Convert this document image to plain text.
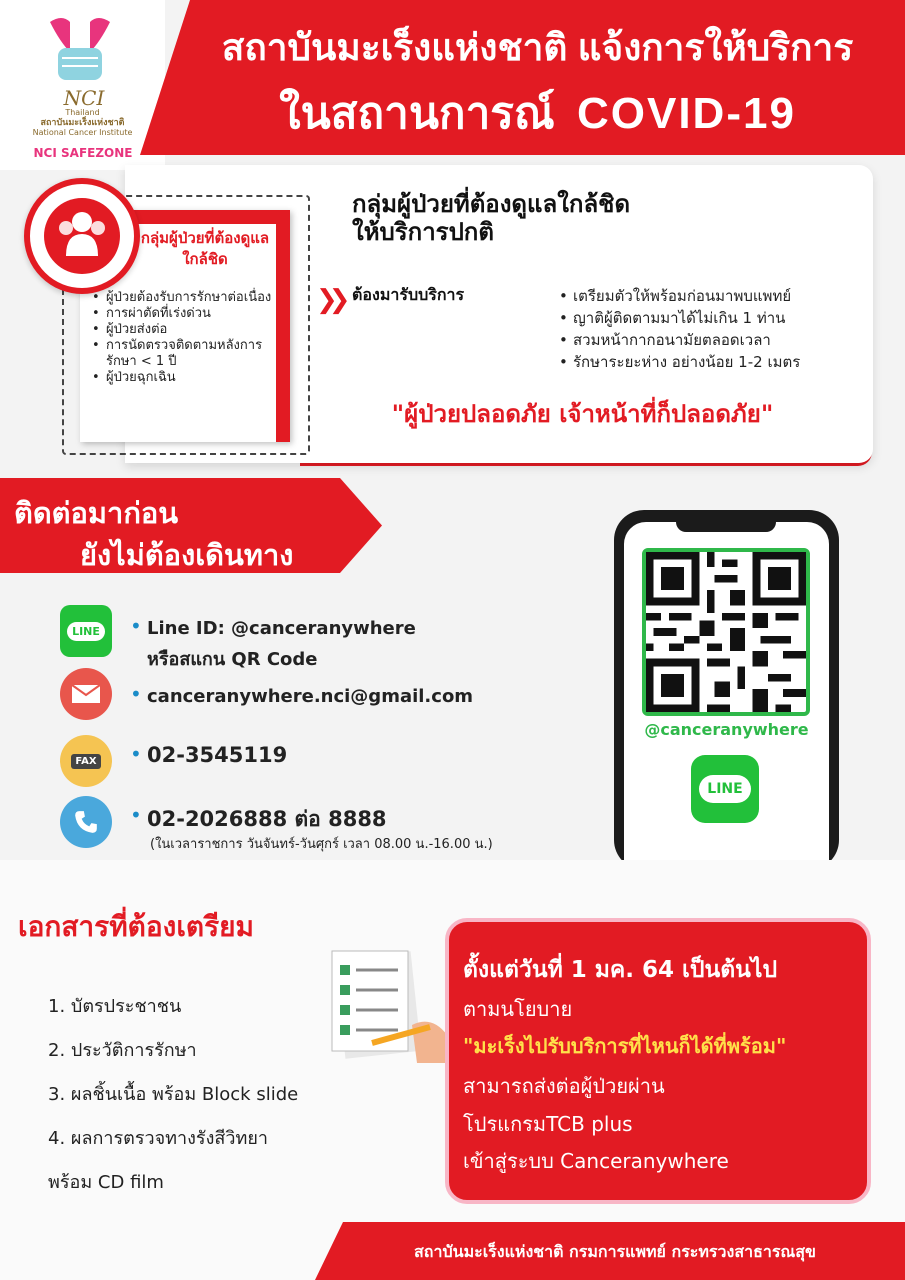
NCI
Thailand
สถาบันมะเร็งแห่งชาติ
National Cancer Institute
NCI SAFEZONE
สถาบันมะเร็งแห่งชาติ แจ้งการให้บริการ
ในสถานการณ์ COVID-19
กลุ่มผู้ป่วยที่ต้องดูแลใกล้ชิด
• ผู้ป่วยต้องรับการรักษาต่อเนื่อง
• การผ่าตัดที่เร่งด่วน
• ผู้ป่วยส่งต่อ
• การนัดตรวจติดตามหลังการรักษา < 1 ปี
• ผู้ป่วยฉุกเฉิน
กลุ่มผู้ป่วยที่ต้องดูแลใกล้ชิด
ให้บริการปกติ
❯❯ ต้องมารับบริการ
•	เตรียมตัวให้พร้อมก่อนมาพบแพทย์
• ญาติผู้ติดตามมาได้ไม่เกิน 1 ท่าน
• สวมหน้ากากอนามัยตลอดเวลา
• รักษาระยะห่าง อย่างน้อย 1-2 เมตร
"ผู้ป่วยปลอดภัย เจ้าหน้าที่ก็ปลอดภัย"
ติดต่อมาก่อน
ยังไม่ต้องเดินทาง
LINE • Line ID: @canceranywhere
หรือสแกน QR Code
• canceranywhere.nci@gmail.com
FAX • 02-3545119
• 02-2026888 ต่อ 8888
(ในเวลาราชการ วันจันทร์-วันศุกร์ เวลา 08.00 น.-16.00 น.)
@canceranywhere
LINE
เอกสารที่ต้องเตรียม
1. บัตรประชาชน
2. ประวัติการรักษา
3. ผลชิ้นเนื้อ พร้อม Block slide
4. ผลการตรวจทางรังสีวิทยา
พร้อม CD film
ตั้งแต่วันที่ 1 มค. 64 เป็นต้นไป
ตามนโยบาย
"มะเร็งไปรับบริการที่ไหนก็ได้ที่พร้อม"
สามารถส่งต่อผู้ป่วยผ่าน
โปรแกรมTCB plus
เข้าสู่ระบบ Canceranywhere
สถาบันมะเร็งแห่งชาติ กรมการแพทย์ กระทรวงสาธารณสุข
